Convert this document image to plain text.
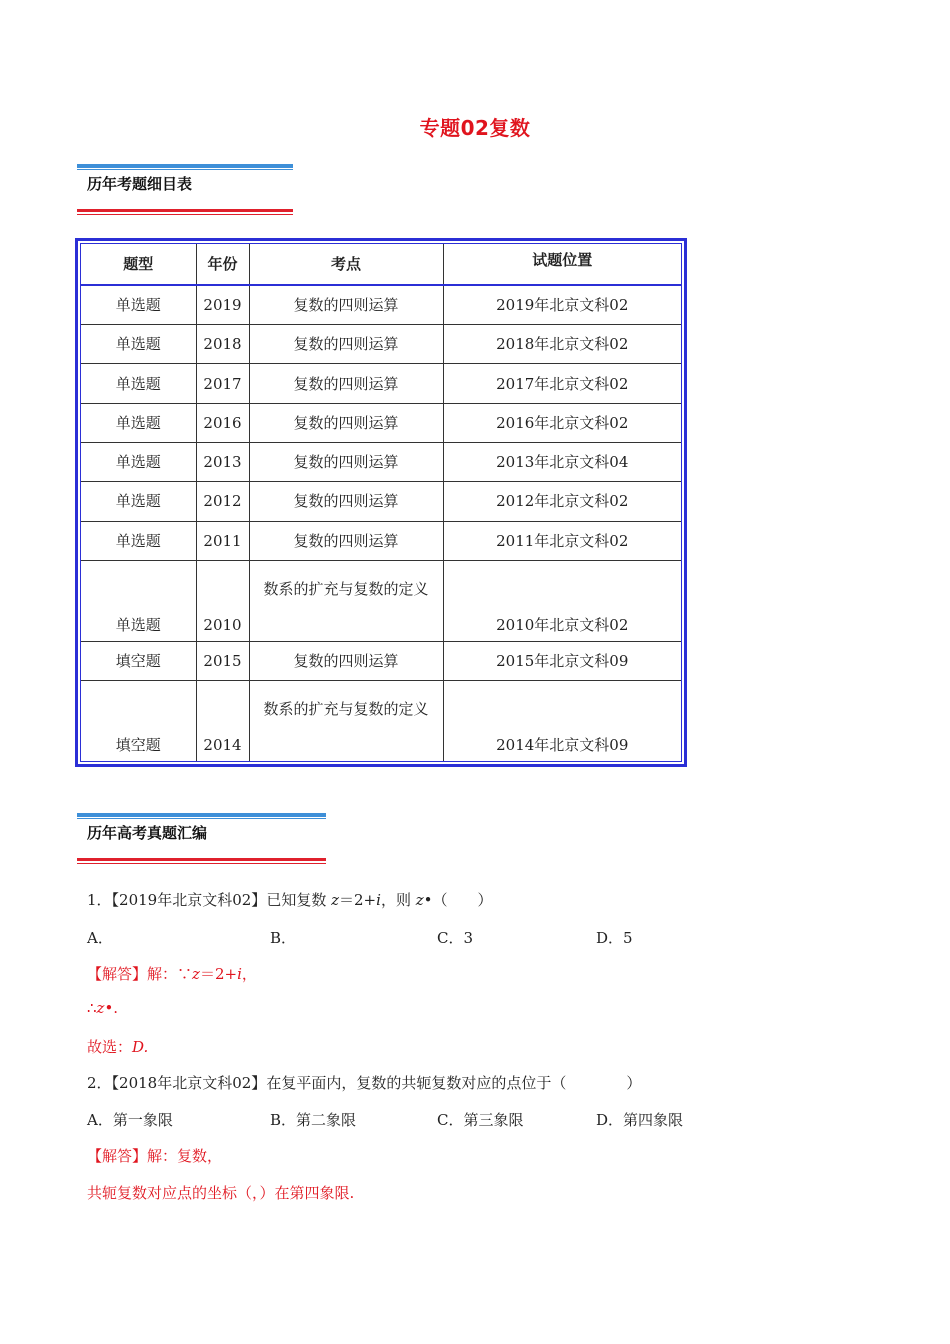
专题02复数
历年考题细目表
题型	年份	考点	试题位置
单选题	2019	复数的四则运算	2019年北京文科02
单选题	2018	复数的四则运算	2018年北京文科02
单选题	2017	复数的四则运算	2017年北京文科02
单选题	2016	复数的四则运算	2016年北京文科02
单选题	2013	复数的四则运算	2013年北京文科04
单选题	2012	复数的四则运算	2012年北京文科02
单选题	2011	复数的四则运算	2011年北京文科02
单选题	2010	数系的扩充与复数的定义	2010年北京文科02
填空题	2015	复数的四则运算	2015年北京文科09
填空题	2014	数系的扩充与复数的定义	2014年北京文科09
历年高考真题汇编
1．【2019年北京文科02】已知复数 z＝2+i，则 z•（　　）
A．	B．	C．3	D．5
【解答】解：∵z＝2+i，
∴z•.
故选：D.
2．【2018年北京文科02】在复平面内，复数的共轭复数对应的点位于（　　　　）
A．第一象限	B．第二象限	C．第三象限	D．第四象限
【解答】解：复数，
共轭复数对应点的坐标（，）在第四象限.
